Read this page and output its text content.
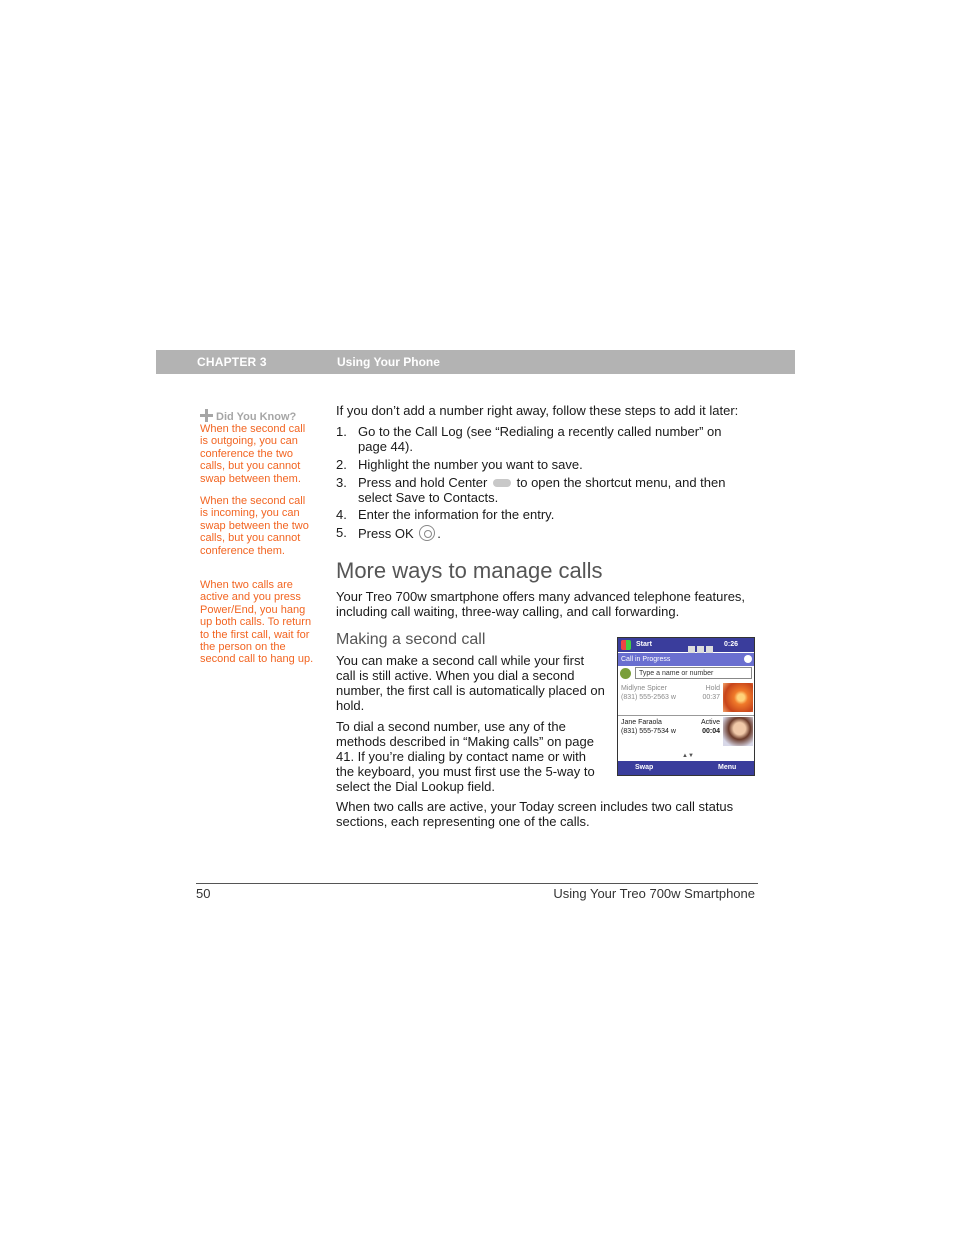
CHAPTER 3	Using Your Phone
Did You Know?
When the second call is outgoing, you can conference the two calls, but you cannot swap between them.
When the second call is incoming, you can swap between the two calls, but you cannot conference them.
When two calls are active and you press Power/End, you hang up both calls. To return to the first call, wait for the person on the second call to hang up.
If you don’t add a number right away, follow these steps to add it later:
1. Go to the Call Log (see “Redialing a recently called number” on page 44).
2. Highlight the number you want to save.
3. Press and hold Center to open the shortcut menu, and then select Save to Contacts.
4. Enter the information for the entry.
5. Press OK .
More ways to manage calls
Your Treo 700w smartphone offers many advanced telephone features, including call waiting, three-way calling, and call forwarding.
Making a second call
You can make a second call while your first call is still active. When you dial a second number, the first call is automatically placed on hold.
To dial a second number, use any of the methods described in “Making calls” on page 41. If you’re dialing by contact name or with the keyboard, you must first use the 5-way to select the Dial Lookup field.
When two calls are active, your Today screen includes two call status sections, each representing one of the calls.
Start	0:26
Call in Progress
Type a name or number
Midlyne Spicer
(831) 555-2563 w
Hold
00:37
Jane Faraola
(831) 555-7534 w
Active
00:04
▲▼
Swap	Menu
50	Using Your Treo 700w Smartphone
